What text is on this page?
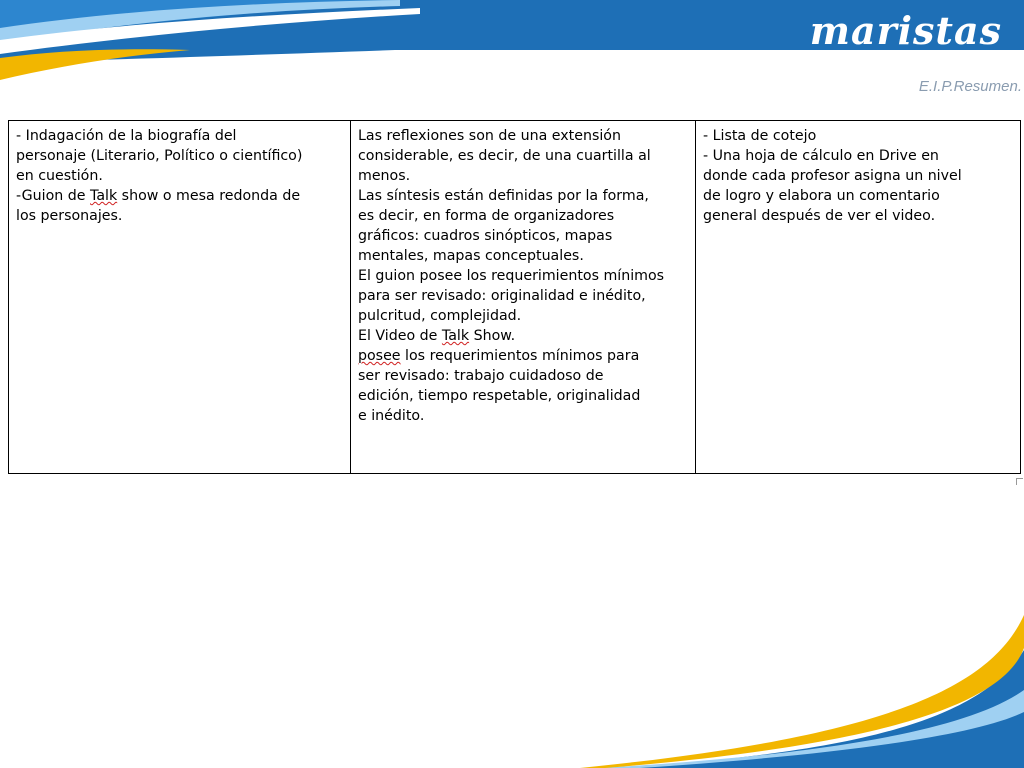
maristas
E.I.P.Resumen.
- Indagación de la biografía del
personaje (Literario, Político o científico)
en cuestión.
-Guion de Talk show o mesa redonda de
los personajes.

Las reflexiones son de una extensión
considerable, es decir, de una cuartilla al
menos.
Las síntesis están definidas por la forma,
es decir, en forma de organizadores
gráficos: cuadros sinópticos, mapas
mentales, mapas conceptuales.
El guion posee los requerimientos mínimos
para ser revisado: originalidad e inédito,
pulcritud, complejidad.
El Video de Talk Show.
posee los requerimientos mínimos para
ser revisado: trabajo cuidadoso de
edición, tiempo respetable, originalidad
e inédito.

- Lista de cotejo
- Una hoja de cálculo en Drive en
donde cada profesor asigna un nivel
de logro y elabora un comentario
general después de ver el video.
